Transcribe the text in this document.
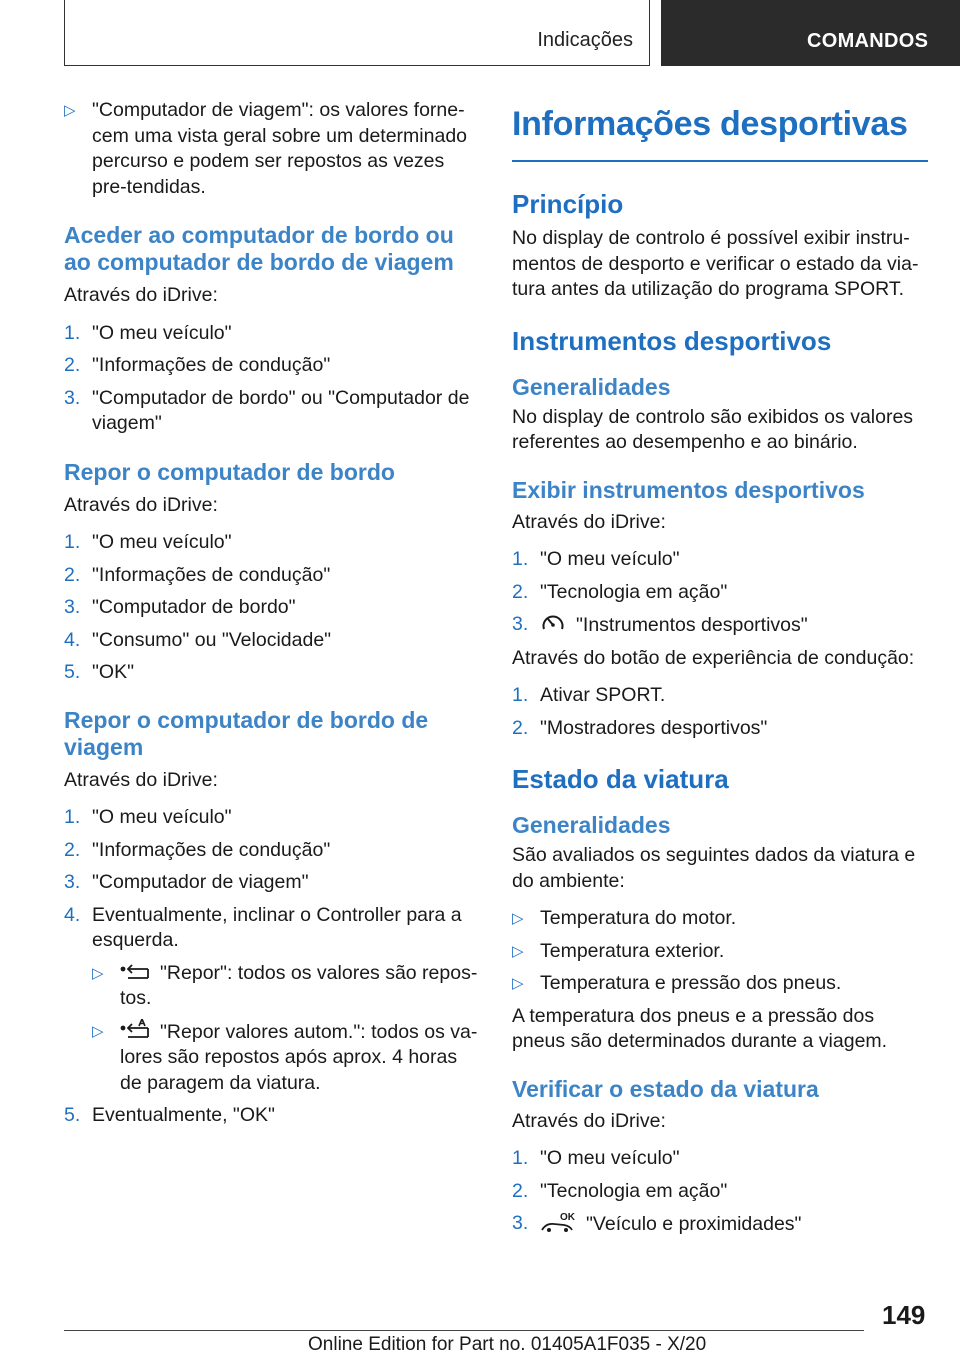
Indicações	COMANDOS
▷ "Computador de viagem": os valores forne-cem uma vista geral sobre um determinado percurso e podem ser repostos as vezes pre-tendidas.
Aceder ao computador de bordo ou ao computador de bordo de viagem
Através do iDrive:
1. "O meu veículo"
2. "Informações de condução"
3. "Computador de bordo" ou "Computador de viagem"
Repor o computador de bordo
Através do iDrive:
1. "O meu veículo"
2. "Informações de condução"
3. "Computador de bordo"
4. "Consumo" ou "Velocidade"
5. "OK"
Repor o computador de bordo de viagem
Através do iDrive:
1. "O meu veículo"
2. "Informações de condução"
3. "Computador de viagem"
4. Eventualmente, inclinar o Controller para a esquerda.
▷	"Repor": todos os valores são repos-tos.
▷	"Repor valores autom.": todos os va-lores são repostos após aprox. 4 horas de paragem da viatura.
5. Eventualmente, "OK"
Informações desportivas
Princípio
No display de controlo é possível exibir instru-mentos de desporto e verificar o estado da via-tura antes da utilização do programa SPORT.
Instrumentos desportivos
Generalidades
No display de controlo são exibidos os valores referentes ao desempenho e ao binário.
Exibir instrumentos desportivos
Através do iDrive:
1. "O meu veículo"
2. "Tecnologia em ação"
3.	"Instrumentos desportivos"
Através do botão de experiência de condução:
1. Ativar SPORT.
2. "Mostradores desportivos"
Estado da viatura
Generalidades
São avaliados os seguintes dados da viatura e do ambiente:
▷ Temperatura do motor.
▷ Temperatura exterior.
▷ Temperatura e pressão dos pneus.
A temperatura dos pneus e a pressão dos pneus são determinados durante a viagem.
Verificar o estado da viatura
Através do iDrive:
1. "O meu veículo"
2. "Tecnologia em ação"
3.	OK "Veículo e proximidades"
149
Online Edition for Part no. 01405A1F035 - X/20
